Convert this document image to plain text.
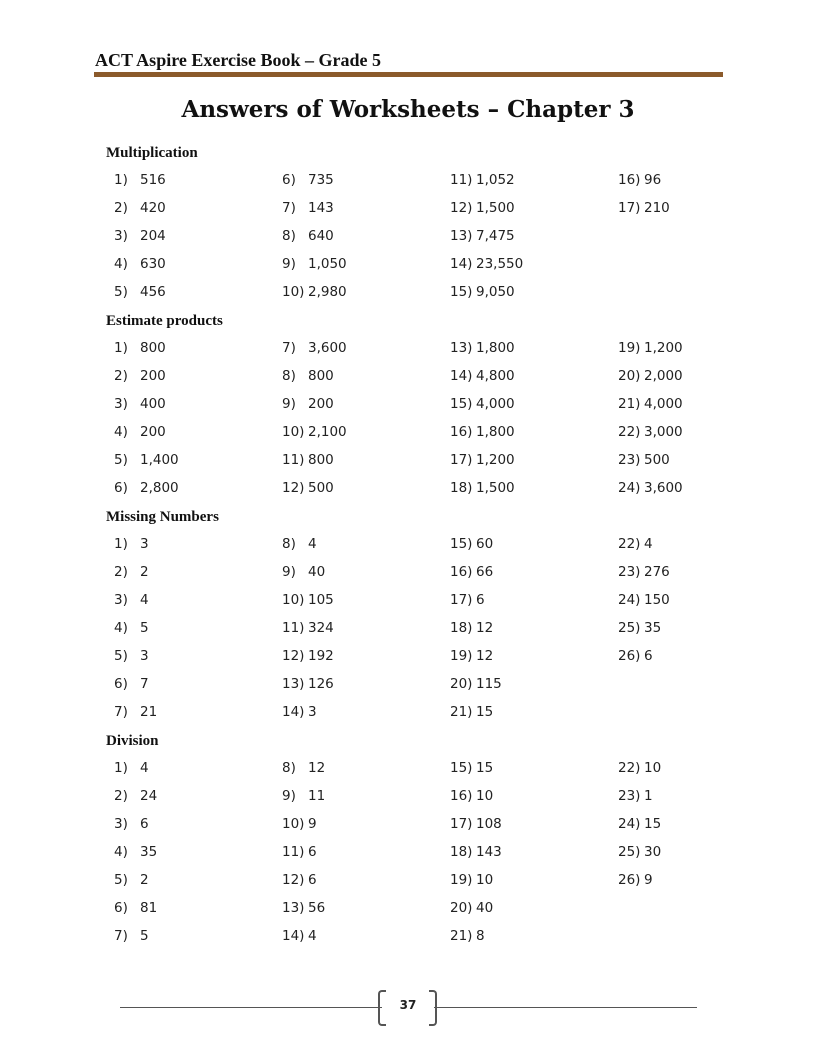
ACT Aspire Exercise Book – Grade 5
Answers of Worksheets – Chapter 3
Multiplication
1) 516	6) 735	11) 1,052	16) 96
2) 420	7) 143	12) 1,500	17) 210
3) 204	8) 640	13) 7,475
4) 630	9) 1,050	14) 23,550
5) 456	10) 2,980	15) 9,050
Estimate products
1) 800	7) 3,600	13) 1,800	19) 1,200
2) 200	8) 800	14) 4,800	20) 2,000
3) 400	9) 200	15) 4,000	21) 4,000
4) 200	10) 2,100	16) 1,800	22) 3,000
5) 1,400	11) 800	17) 1,200	23) 500
6) 2,800	12) 500	18) 1,500	24) 3,600
Missing Numbers
1) 3	8) 4	15) 60	22) 4
2) 2	9) 40	16) 66	23) 276
3) 4	10) 105	17) 6	24) 150
4) 5	11) 324	18) 12	25) 35
5) 3	12) 192	19) 12	26) 6
6) 7	13) 126	20) 115
7) 21	14) 3	21) 15
Division
1) 4	8) 12	15) 15	22) 10
2) 24	9) 11	16) 10	23) 1
3) 6	10) 9	17) 108	24) 15
4) 35	11) 6	18) 143	25) 30
5) 2	12) 6	19) 10	26) 9
6) 81	13) 56	20) 40
7) 5	14) 4	21) 8
37
